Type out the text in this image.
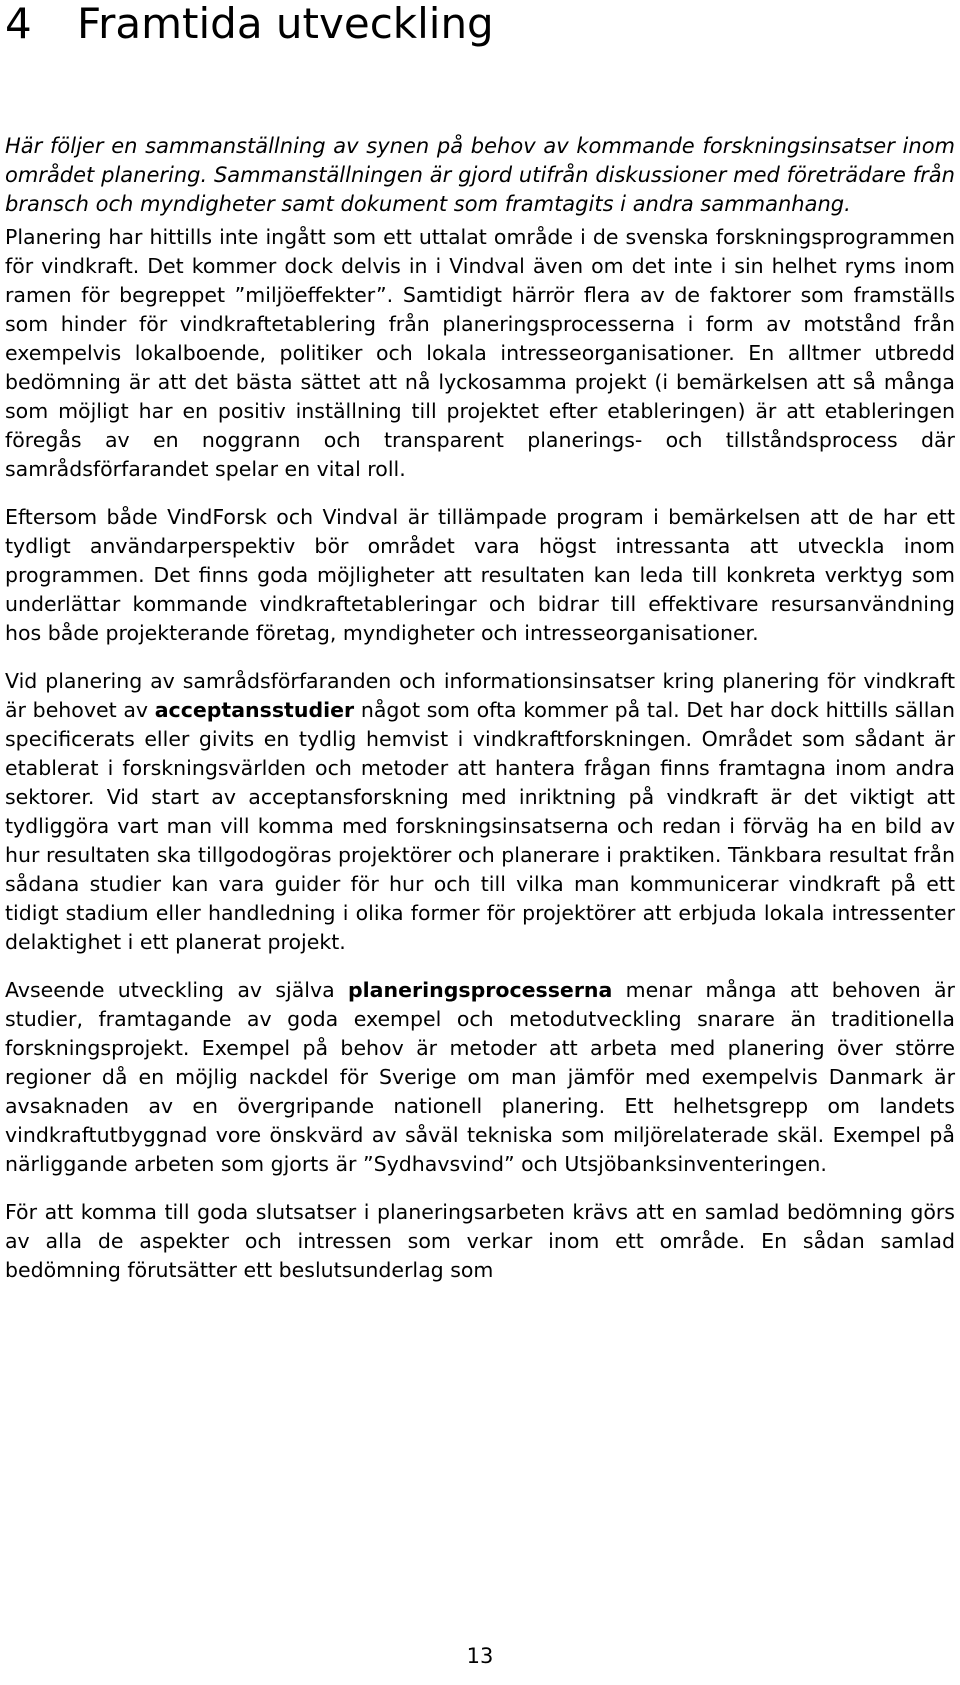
4 Framtida utveckling

Här följer en sammanställning av synen på behov av kommande forskningsinsatser inom området planering. Sammanställningen är gjord utifrån diskussioner med företrädare från bransch och myndigheter samt dokument som framtagits i andra sammanhang.

Planering har hittills inte ingått som ett uttalat område i de svenska forskningsprogrammen för vindkraft. Det kommer dock delvis in i Vindval även om det inte i sin helhet ryms inom ramen för begreppet ”miljöeffekter”. Samtidigt härrör flera av de faktorer som framställs som hinder för vindkraftetablering från planeringsprocesserna i form av motstånd från exempelvis lokalboende, politiker och lokala intresseorganisationer. En alltmer utbredd bedömning är att det bästa sättet att nå lyckosamma projekt (i bemärkelsen att så många som möjligt har en positiv inställning till projektet efter etableringen) är att etableringen föregås av en noggrann och transparent planerings- och tillståndsprocess där samrådsförfarandet spelar en vital roll.

Eftersom både VindForsk och Vindval är tillämpade program i bemärkelsen att de har ett tydligt användarperspektiv bör området vara högst intressanta att utveckla inom programmen. Det finns goda möjligheter att resultaten kan leda till konkreta verktyg som underlättar kommande vindkraftetableringar och bidrar till effektivare resursanvändning hos både projekterande företag, myndigheter och intresseorganisationer.

Vid planering av samrådsförfaranden och informationsinsatser kring planering för vindkraft är behovet av acceptansstudier något som ofta kommer på tal. Det har dock hittills sällan specificerats eller givits en tydlig hemvist i vindkraftforskningen. Området som sådant är etablerat i forskningsvärlden och metoder att hantera frågan finns framtagna inom andra sektorer. Vid start av acceptansforskning med inriktning på vindkraft är det viktigt att tydliggöra vart man vill komma med forskningsinsatserna och redan i förväg ha en bild av hur resultaten ska tillgodogöras projektörer och planerare i praktiken. Tänkbara resultat från sådana studier kan vara guider för hur och till vilka man kommunicerar vindkraft på ett tidigt stadium eller handledning i olika former för projektörer att erbjuda lokala intressenter delaktighet i ett planerat projekt.

Avseende utveckling av själva planeringsprocesserna menar många att behoven är studier, framtagande av goda exempel och metodutveckling snarare än traditionella forskningsprojekt. Exempel på behov är metoder att arbeta med planering över större regioner då en möjlig nackdel för Sverige om man jämför med exempelvis Danmark är avsaknaden av en övergripande nationell planering. Ett helhetsgrepp om landets vindkraftutbyggnad vore önskvärd av såväl tekniska som miljörelaterade skäl. Exempel på närliggande arbeten som gjorts är ”Sydhavsvind” och Utsjöbanksinventeringen.

För att komma till goda slutsatser i planeringsarbeten krävs att en samlad bedömning görs av alla de aspekter och intressen som verkar inom ett område. En sådan samlad bedömning förutsätter ett beslutsunderlag som

13
